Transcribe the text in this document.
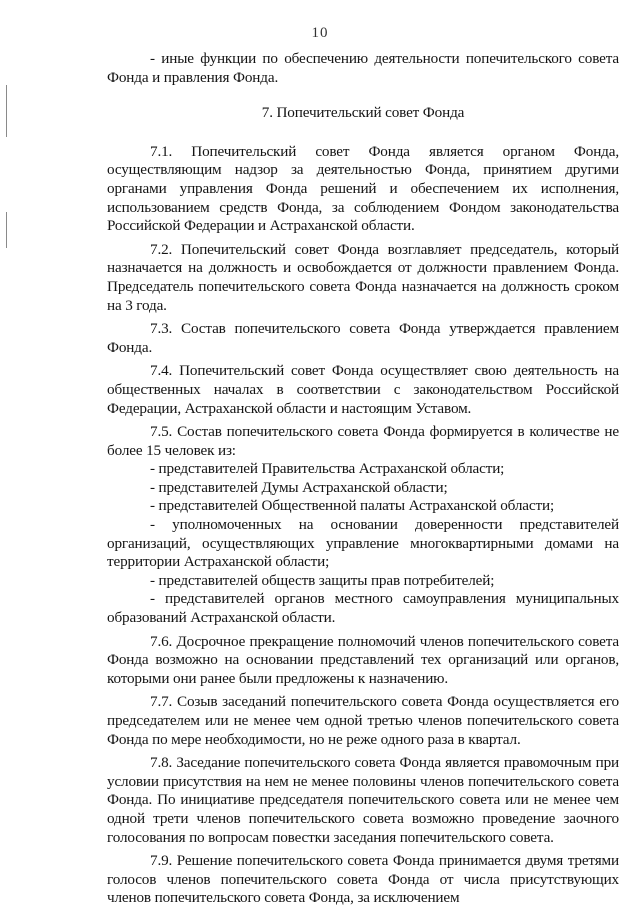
10

- иные функции по обеспечению деятельности попечительского совета Фонда и правления Фонда.

7. Попечительский совет Фонда

7.1. Попечительский совет Фонда является органом Фонда, осуществляющим надзор за деятельностью Фонда, принятием другими органами управления Фонда решений и обеспечением их исполнения, использованием средств Фонда, за соблюдением Фондом законодательства Российской Федерации и Астраханской области.

7.2. Попечительский совет Фонда возглавляет председатель, который назначается на должность и освобождается от должности правлением Фонда. Председатель попечительского совета Фонда назначается на должность сроком на 3 года.

7.3. Состав попечительского совета Фонда утверждается правлением Фонда.

7.4. Попечительский совет Фонда осуществляет свою деятельность на общественных началах в соответствии с законодательством Российской Федерации, Астраханской области и настоящим Уставом.

7.5. Состав попечительского совета Фонда формируется в количестве не более 15 человек из:

- представителей Правительства Астраханской области;

- представителей Думы Астраханской области;

- представителей Общественной палаты Астраханской области;

- уполномоченных на основании доверенности представителей организаций, осуществляющих управление многоквартирными домами на территории Астраханской области;

- представителей обществ защиты прав потребителей;

- представителей органов местного самоуправления муниципальных образований Астраханской области.

7.6. Досрочное прекращение полномочий членов попечительского совета Фонда возможно на основании представлений тех организаций или органов, которыми они ранее были предложены к назначению.

7.7. Созыв заседаний попечительского совета Фонда осуществляется его председателем или не менее чем одной третью членов попечительского совета Фонда по мере необходимости, но не реже одного раза в квартал.

7.8. Заседание попечительского совета Фонда является правомочным при условии присутствия на нем не менее половины членов попечительского совета Фонда. По инициативе председателя попечительского совета или не менее чем одной трети членов попечительского совета возможно проведение заочного голосования по вопросам повестки заседания попечительского совета.

7.9. Решение попечительского совета Фонда принимается двумя третями голосов членов попечительского совета Фонда от числа присутствующих членов попечительского совета Фонда, за исключением
